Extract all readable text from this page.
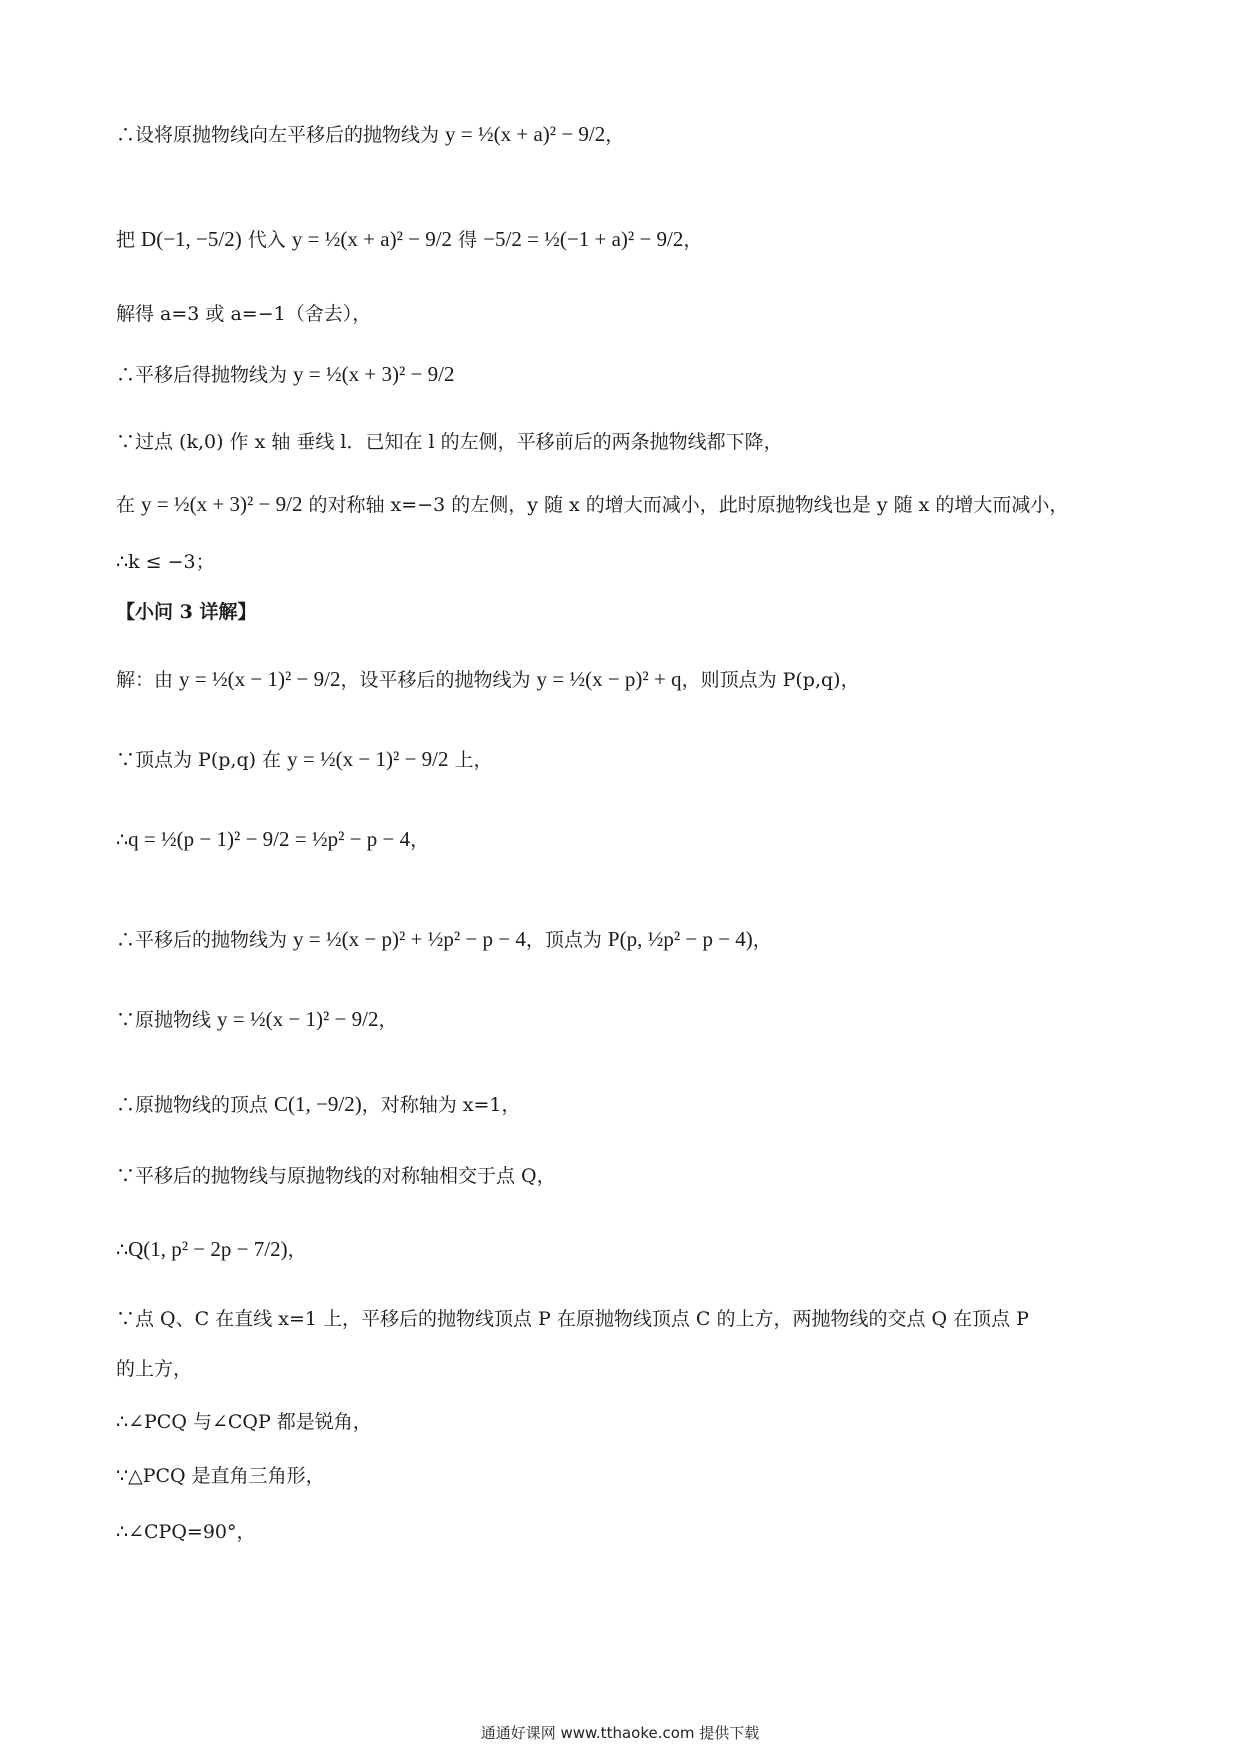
∴设将原抛物线向左平移后的抛物线为 y = ½(x + a)² − 9/2，
把 D(−1, −5/2) 代入 y = ½(x + a)² − 9/2 得 −5/2 = ½(−1 + a)² − 9/2，
解得 a=3 或 a=−1（舍去），
∴平移后得抛物线为 y = ½(x + 3)² − 9/2
∵过点 (k,0) 作 x 轴 垂线 l．已知在 l 的左侧，平移前后的两条抛物线都下降，
在 y = ½(x + 3)² − 9/2 的对称轴 x=−3 的左侧，y 随 x 的增大而减小，此时原抛物线也是 y 随 x 的增大而减小，
∴k ≤ −3；
【小问 3 详解】
解：由 y = ½(x − 1)² − 9/2，设平移后的抛物线为 y = ½(x − p)² + q，则顶点为 P(p,q)，
∵顶点为 P(p,q) 在 y = ½(x − 1)² − 9/2 上，
∴q = ½(p − 1)² − 9/2 = ½p² − p − 4，
∴平移后的抛物线为 y = ½(x − p)² + ½p² − p − 4，顶点为 P(p, ½p² − p − 4)，
∵原抛物线 y = ½(x − 1)² − 9/2，
∴原抛物线的顶点 C(1, −9/2)，对称轴为 x=1，
∵平移后的抛物线与原抛物线的对称轴相交于点 Q，
∴Q(1, p² − 2p − 7/2)，
∵点 Q、C 在直线 x=1 上，平移后的抛物线顶点 P 在原抛物线顶点 C 的上方，两抛物线的交点 Q 在顶点 P
的上方，
∴∠PCQ 与∠CQP 都是锐角，
∵△PCQ 是直角三角形，
∴∠CPQ=90°，
通通好课网 www.tthaoke.com 提供下载
